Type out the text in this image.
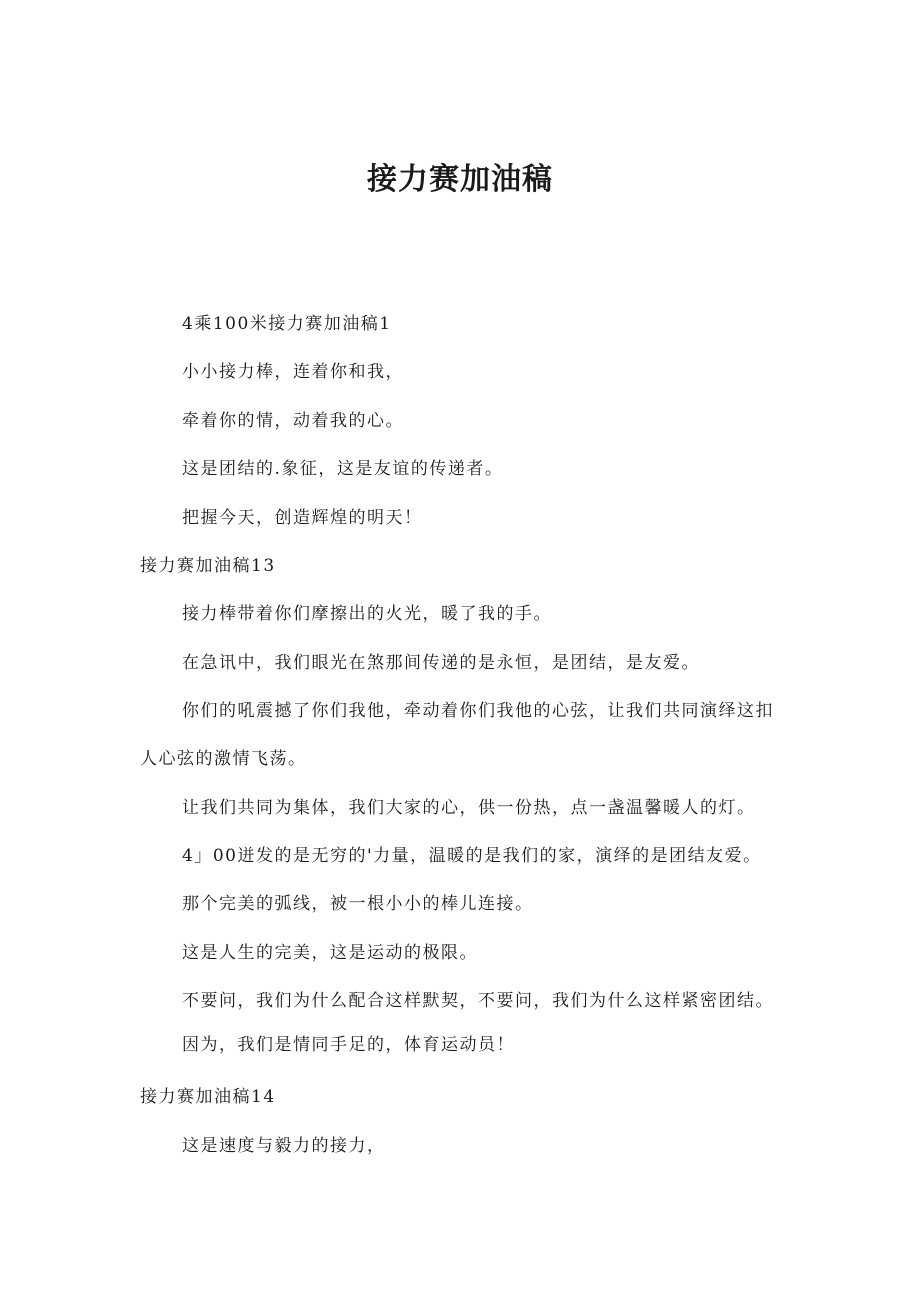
接力赛加油稿

4乘100米接力赛加油稿1

小小接力棒，连着你和我，

牵着你的情，动着我的心。

这是团结的.象征，这是友谊的传递者。

把握今天，创造辉煌的明天！

接力赛加油稿13

接力棒带着你们摩擦出的火光，暖了我的手。

在急讯中，我们眼光在煞那间传递的是永恒，是团结，是友爱。

你们的吼震撼了你们我他，牵动着你们我他的心弦，让我们共同演绎这扣

人心弦的激情飞荡。

让我们共同为集体，我们大家的心，供一份热，点一盏温馨暖人的灯。

4」00迸发的是无穷的'力量，温暖的是我们的家，演绎的是团结友爱。

那个完美的弧线，被一根小小的棒儿连接。

这是人生的完美，这是运动的极限。

不要问，我们为什么配合这样默契，不要问，我们为什么这样紧密团结。

因为，我们是情同手足的，体育运动员！

接力赛加油稿14

这是速度与毅力的接力，
